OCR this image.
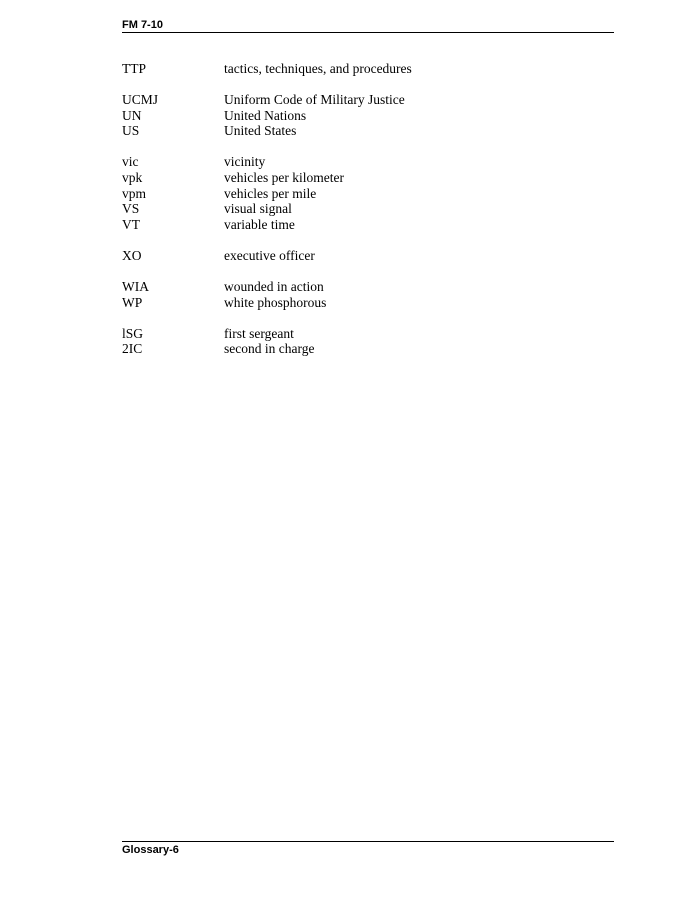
FM 7-10
TTP	tactics, techniques, and procedures
UCMJ	Uniform Code of Military Justice
UN	United Nations
US	United States
vic	vicinity
vpk	vehicles per kilometer
vpm	vehicles per mile
VS	visual signal
VT	variable time
XO	executive officer
WIA	wounded in action
WP	white phosphorous
lSG	first sergeant
2IC	second in charge
Glossary-6
